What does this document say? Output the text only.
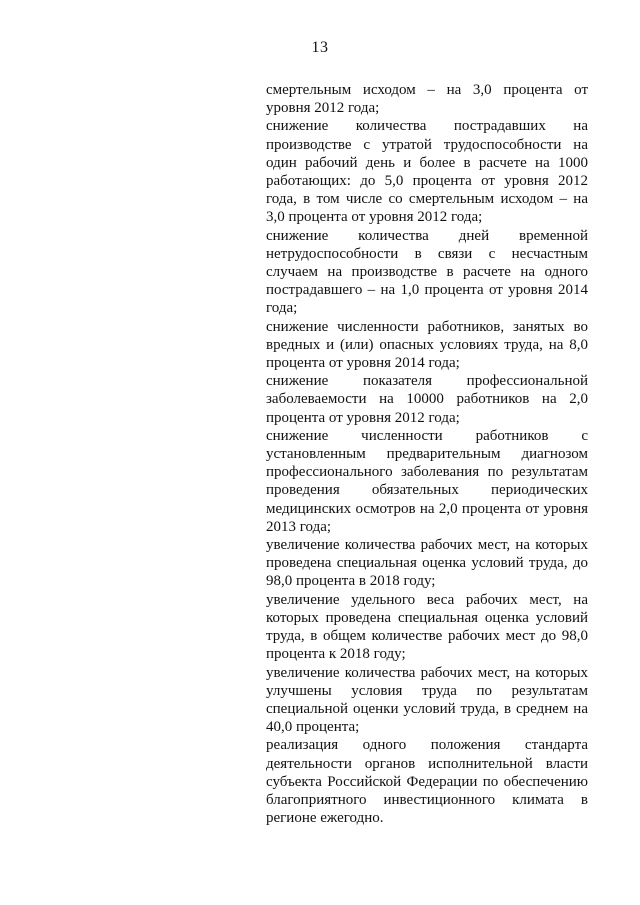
13

смертельным исходом – на 3,0 процента от уровня 2012 года;

снижение количества пострадавших на производстве с утратой трудоспособности на один рабочий день и более в расчете на 1000 работающих: до 5,0 процента от уровня 2012 года, в том числе со смертельным исходом – на 3,0 процента от уровня 2012 года;

снижение количества дней временной нетрудоспособности в связи с несчастным случаем на производстве в расчете на одного пострадавшего – на 1,0 процента от уровня 2014 года;

снижение численности работников, занятых во вредных и (или) опасных условиях труда, на 8,0 процента от уровня 2014 года;

снижение показателя профессиональной заболеваемости на 10000 работников на 2,0 процента от уровня 2012 года;

снижение численности работников с установленным предварительным диагнозом профессионального заболевания по результатам проведения обязательных периодических медицинских осмотров на 2,0 процента от уровня 2013 года;

увеличение количества рабочих мест, на которых проведена специальная оценка условий труда, до 98,0 процента в 2018 году;

увеличение удельного веса рабочих мест, на которых проведена специальная оценка условий труда, в общем количестве рабочих мест до 98,0 процента к 2018 году;

увеличение количества рабочих мест, на которых улучшены условия труда по результатам специальной оценки условий труда, в среднем на 40,0 процента;

реализация одного положения стандарта деятельности органов исполнительной власти субъекта Российской Федерации по обеспечению благоприятного инвестиционного климата в регионе ежегодно.
